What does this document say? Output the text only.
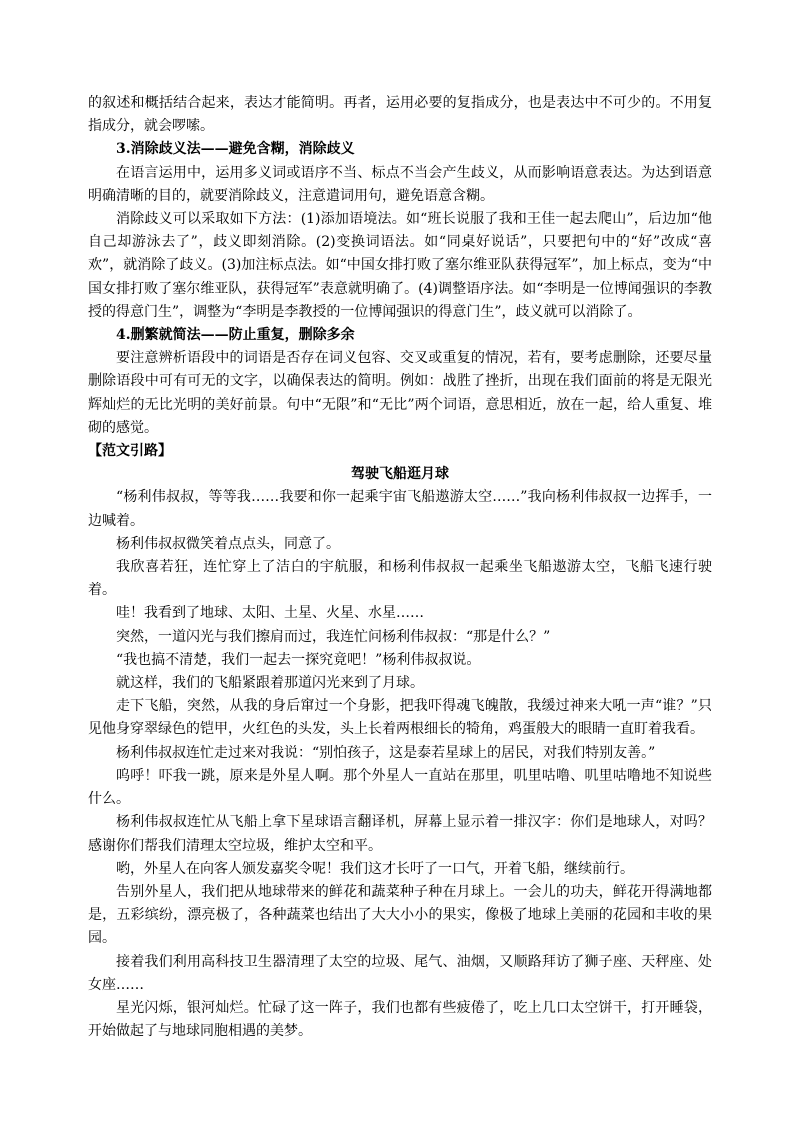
的叙述和概括结合起来，表达才能简明。再者，运用必要的复指成分，也是表达中不可少的。不用复指成分，就会啰嗦。

3.消除歧义法——避免含糊，消除歧义

在语言运用中，运用多义词或语序不当、标点不当会产生歧义，从而影响语意表达。为达到语意明确清晰的目的，就要消除歧义，注意遣词用句，避免语意含糊。

消除歧义可以采取如下方法：(1)添加语境法。如“班长说服了我和王佳一起去爬山”，后边加“他自己却游泳去了”，歧义即刻消除。(2)变换词语法。如“同桌好说话”，只要把句中的“好”改成“喜欢”，就消除了歧义。(3)加注标点法。如“中国女排打败了塞尔维亚队获得冠军”，加上标点，变为“中国女排打败了塞尔维亚队，获得冠军”表意就明确了。(4)调整语序法。如“李明是一位博闻强识的李教授的得意门生”，调整为“李明是李教授的一位博闻强识的得意门生”，歧义就可以消除了。

4.删繁就简法——防止重复，删除多余

要注意辨析语段中的词语是否存在词义包容、交叉或重复的情况，若有，要考虑删除，还要尽量删除语段中可有可无的文字，以确保表达的简明。例如：战胜了挫折，出现在我们面前的将是无限光辉灿烂的无比光明的美好前景。句中“无限”和“无比”两个词语，意思相近，放在一起，给人重复、堆砌的感觉。

【范文引路】

驾驶飞船逛月球

“杨利伟叔叔，等等我……我要和你一起乘宇宙飞船遨游太空……”我向杨利伟叔叔一边挥手，一边喊着。

杨利伟叔叔微笑着点点头，同意了。

我欣喜若狂，连忙穿上了洁白的宇航服，和杨利伟叔叔一起乘坐飞船遨游太空，飞船飞速行驶着。

哇！我看到了地球、太阳、土星、火星、水星……

突然，一道闪光与我们擦肩而过，我连忙问杨利伟叔叔：“那是什么？”

“我也搞不清楚，我们一起去一探究竟吧！”杨利伟叔叔说。

就这样，我们的飞船紧跟着那道闪光来到了月球。

走下飞船，突然，从我的身后窜过一个身影，把我吓得魂飞魄散，我缓过神来大吼一声“谁？”只见他身穿翠绿色的铠甲，火红色的头发，头上长着两根细长的犄角，鸡蛋般大的眼睛一直盯着我看。

杨利伟叔叔连忙走过来对我说：“别怕孩子，这是泰若星球上的居民，对我们特别友善。”

呜呼！吓我一跳，原来是外星人啊。那个外星人一直站在那里，叽里咕噜、叽里咕噜地不知说些什么。

杨利伟叔叔连忙从飞船上拿下星球语言翻译机，屏幕上显示着一排汉字：你们是地球人，对吗？感谢你们帮我们清理太空垃圾，维护太空和平。

哟，外星人在向客人颁发嘉奖令呢！我们这才长吁了一口气，开着飞船，继续前行。

告别外星人，我们把从地球带来的鲜花和蔬菜种子种在月球上。一会儿的功夫，鲜花开得满地都是，五彩缤纷，漂亮极了，各种蔬菜也结出了大大小小的果实，像极了地球上美丽的花园和丰收的果园。

接着我们利用高科技卫生器清理了太空的垃圾、尾气、油烟，又顺路拜访了狮子座、天秤座、处女座……

星光闪烁，银河灿烂。忙碌了这一阵子，我们也都有些疲倦了，吃上几口太空饼干，打开睡袋，开始做起了与地球同胞相遇的美梦。
